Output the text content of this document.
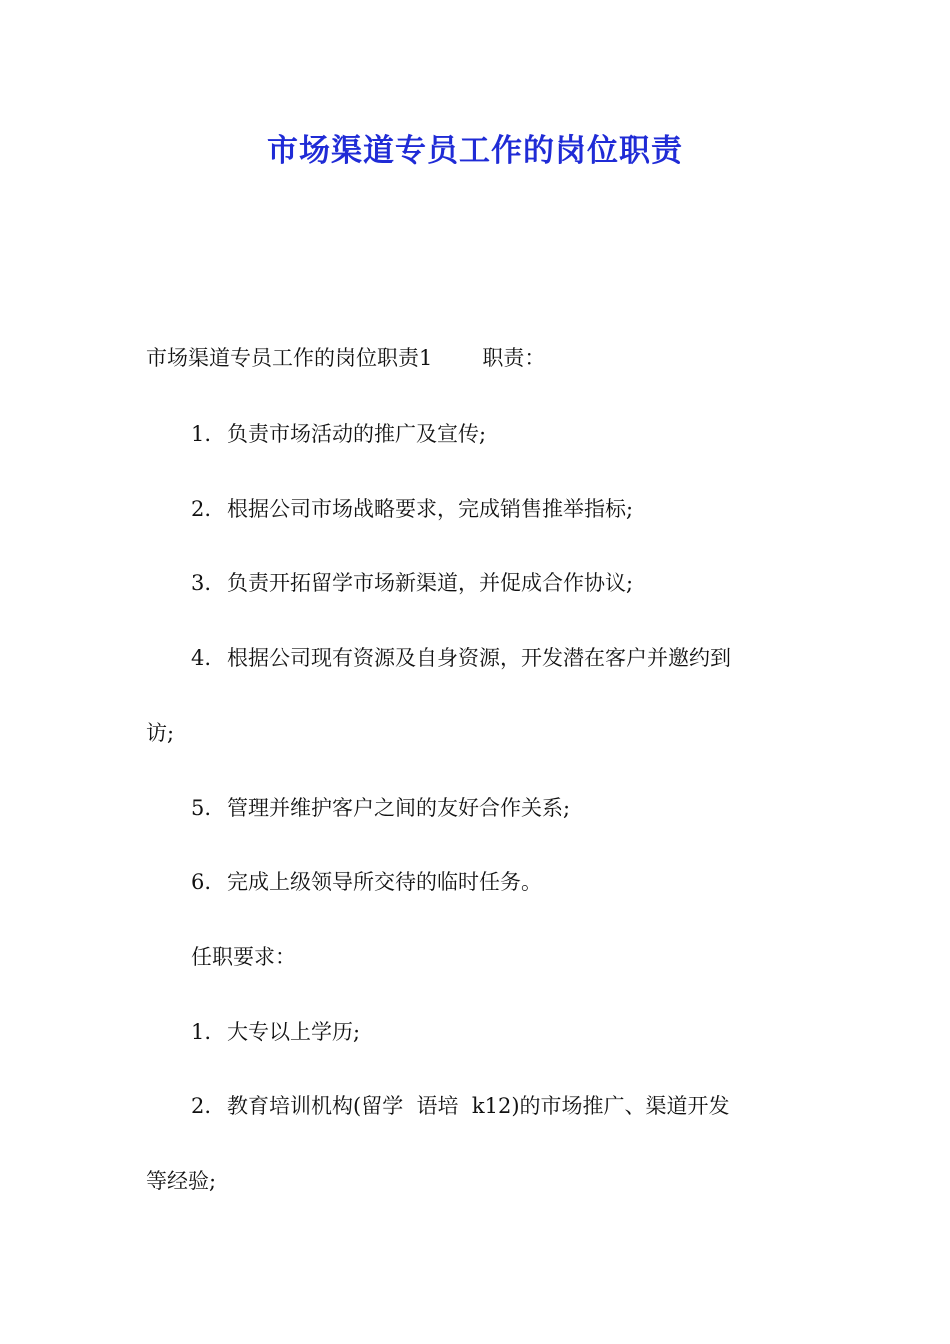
市场渠道专员工作的岗位职责

市场渠道专员工作的岗位职责1 职责：

1. 负责市场活动的推广及宣传;

2. 根据公司市场战略要求，完成销售推举指标;

3. 负责开拓留学市场新渠道，并促成合作协议;

4. 根据公司现有资源及自身资源，开发潜在客户并邀约到

访;

5. 管理并维护客户之间的友好合作关系;

6. 完成上级领导所交待的临时任务。

任职要求：

1. 大专以上学历;

2. 教育培训机构(留学  语培  k12)的市场推广、渠道开发

等经验;
